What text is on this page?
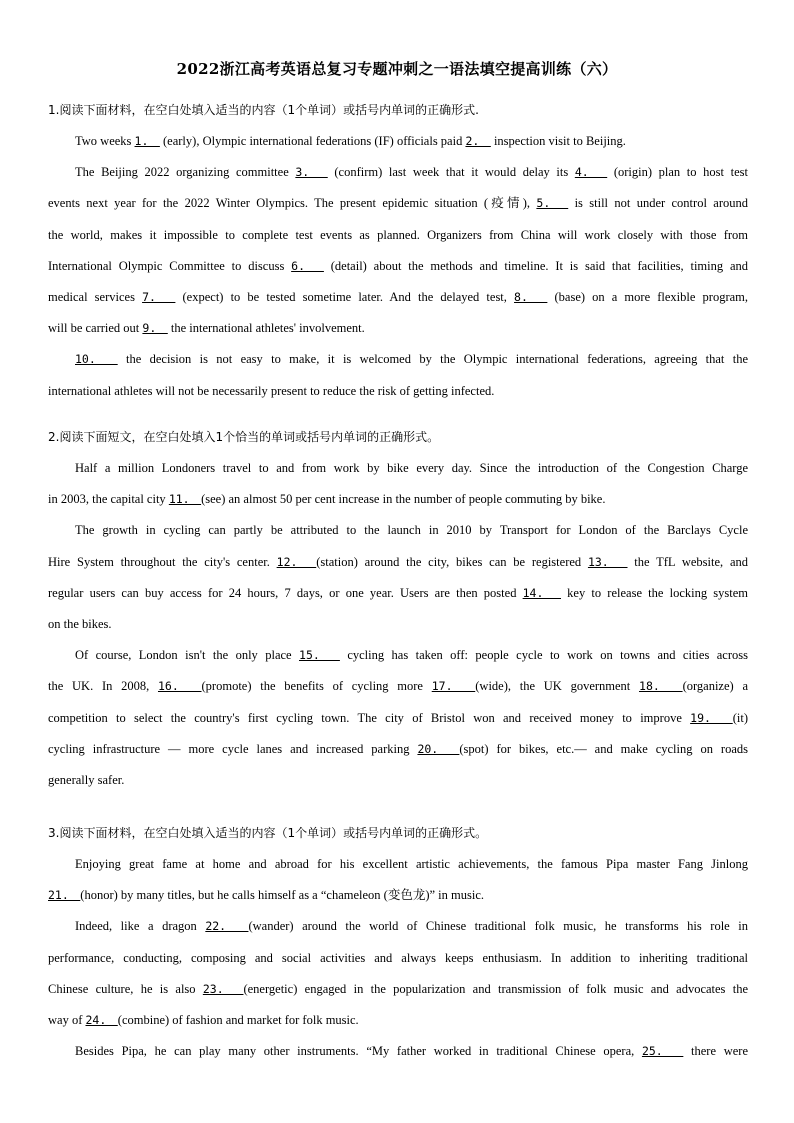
2022浙江高考英语总复习专题冲刺之一语法填空提高训练（六）
1.阅读下面材料，在空白处填入适当的内容（1个单词）或括号内单词的正确形式.
Two weeks 1.　 (early), Olympic international federations (IF) officials paid 2.　 inspection visit to Beijing.
The Beijing 2022 organizing committee 3.　 (confirm) last week that it would delay its 4.　 (origin) plan to host test
events next year for the 2022 Winter Olympics. The present epidemic situation (疫情), 5.　 is still not under control around
the world, makes it impossible to complete test events as planned. Organizers from China will work closely with those from
International Olympic Committee to discuss 6.　 (detail) about the methods and timeline. It is said that facilities, timing and
medical services 7.　 (expect) to be tested sometime later. And the delayed test, 8.　 (base) on a more flexible program,
will be carried out 9.　 the international athletes' involvement.
10.　 the decision is not easy to make, it is welcomed by the Olympic international federations, agreeing that the
international athletes will not be necessarily present to reduce the risk of getting infected.
2.阅读下面短文，在空白处填入1个恰当的单词或括号内单词的正确形式。
Half a million Londoners travel to and from work by bike every day. Since the introduction of the Congestion Charge
in 2003, the capital city 11.　(see) an almost 50 per cent increase in the number of people commuting by bike.
The growth in cycling can partly be attributed to the launch in 2010 by Transport for London of the Barclays Cycle
Hire System throughout the city's center. 12.　(station) around the city, bikes can be registered 13.　 the TfL website, and
regular users can buy access for 24 hours, 7 days, or one year. Users are then posted 14.　 key to release the locking system
on the bikes.
Of course, London isn't the only place 15.　 cycling has taken off: people cycle to work on towns and cities across
the UK. In 2008, 16.　(promote) the benefits of cycling more 17.　(wide), the UK government 18.　(organize) a
competition to select the country's first cycling town. The city of Bristol won and received money to improve 19.　(it)
cycling infrastructure — more cycle lanes and increased parking 20.　(spot) for bikes, etc.— and make cycling on roads
generally safer.
3.阅读下面材料，在空白处填入适当的内容（1个单词）或括号内单词的正确形式。
Enjoying great fame at home and abroad for his excellent artistic achievements, the famous Pipa master Fang Jinlong
21.　(honor) by many titles, but he calls himself as a “chameleon (变色龙)” in music.
Indeed, like a dragon 22.　(wander) around the world of Chinese traditional folk music, he transforms his role in
performance, conducting, composing and social activities and always keeps enthusiasm. In addition to inheriting traditional
Chinese culture, he is also 23.　(energetic) engaged in the popularization and transmission of folk music and advocates the
way of 24.　(combine) of fashion and market for folk music.
Besides Pipa, he can play many other instruments. “My father worked in traditional Chinese opera, 25.　 there were
